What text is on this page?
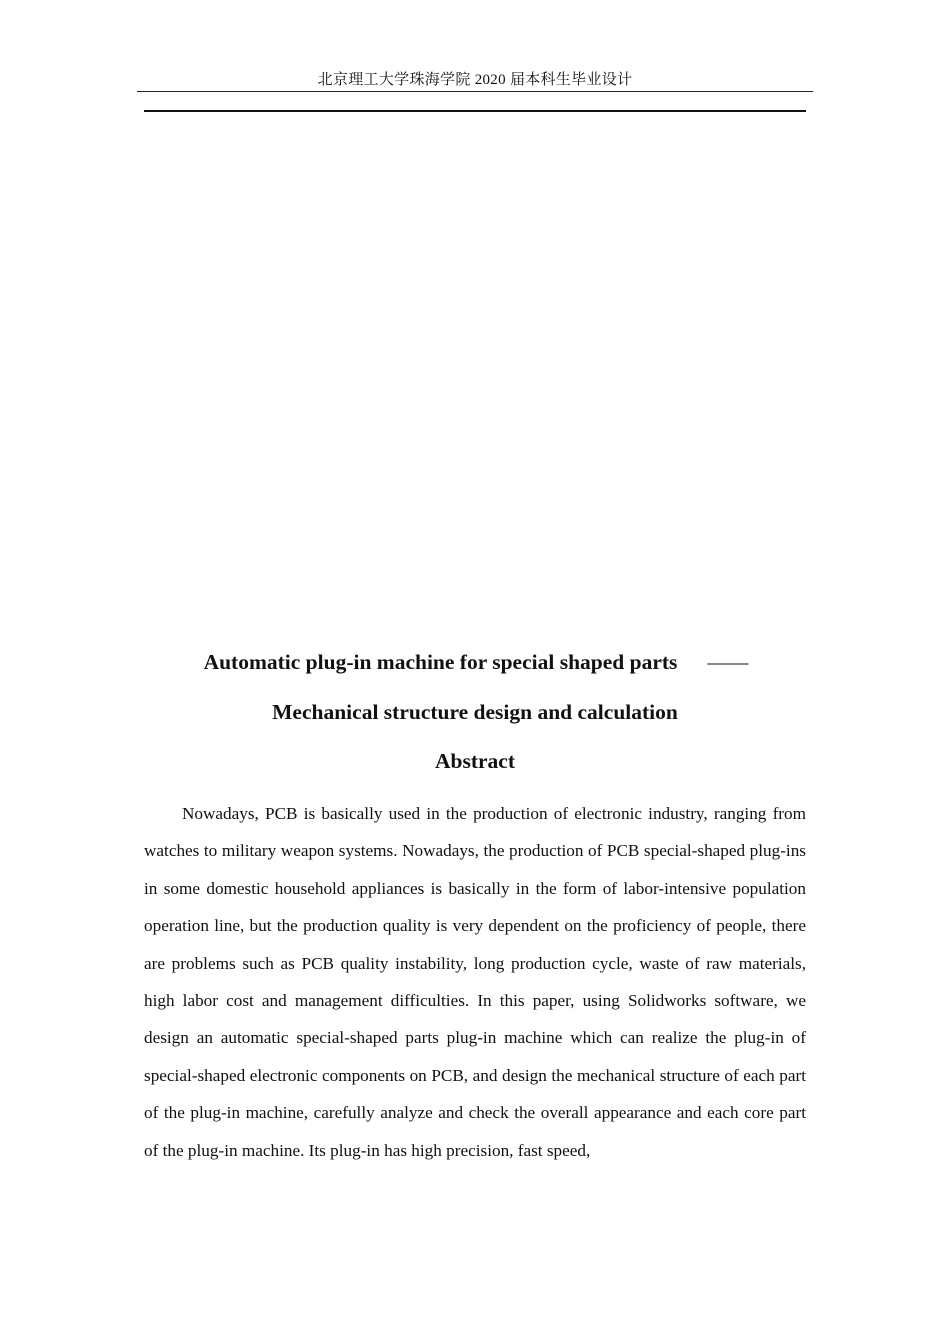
北京理工大学珠海学院 2020 届本科生毕业设计
Automatic plug-in machine for special shaped parts ——
Mechanical structure design and calculation
Abstract

Nowadays, PCB is basically used in the production of electronic industry, ranging from watches to military weapon systems. Nowadays, the production of PCB special-shaped plug-ins in some domestic household appliances is basically in the form of labor-intensive population operation line, but the production quality is very dependent on the proficiency of people, there are problems such as PCB quality instability, long production cycle, waste of raw materials, high labor cost and management difficulties. In this paper, using Solidworks software, we design an automatic special-shaped parts plug-in machine which can realize the plug-in of special-shaped electronic components on PCB, and design the mechanical structure of each part of the plug-in machine, carefully analyze and check the overall appearance and each core part of the plug-in machine. Its plug-in has high precision, fast speed,
